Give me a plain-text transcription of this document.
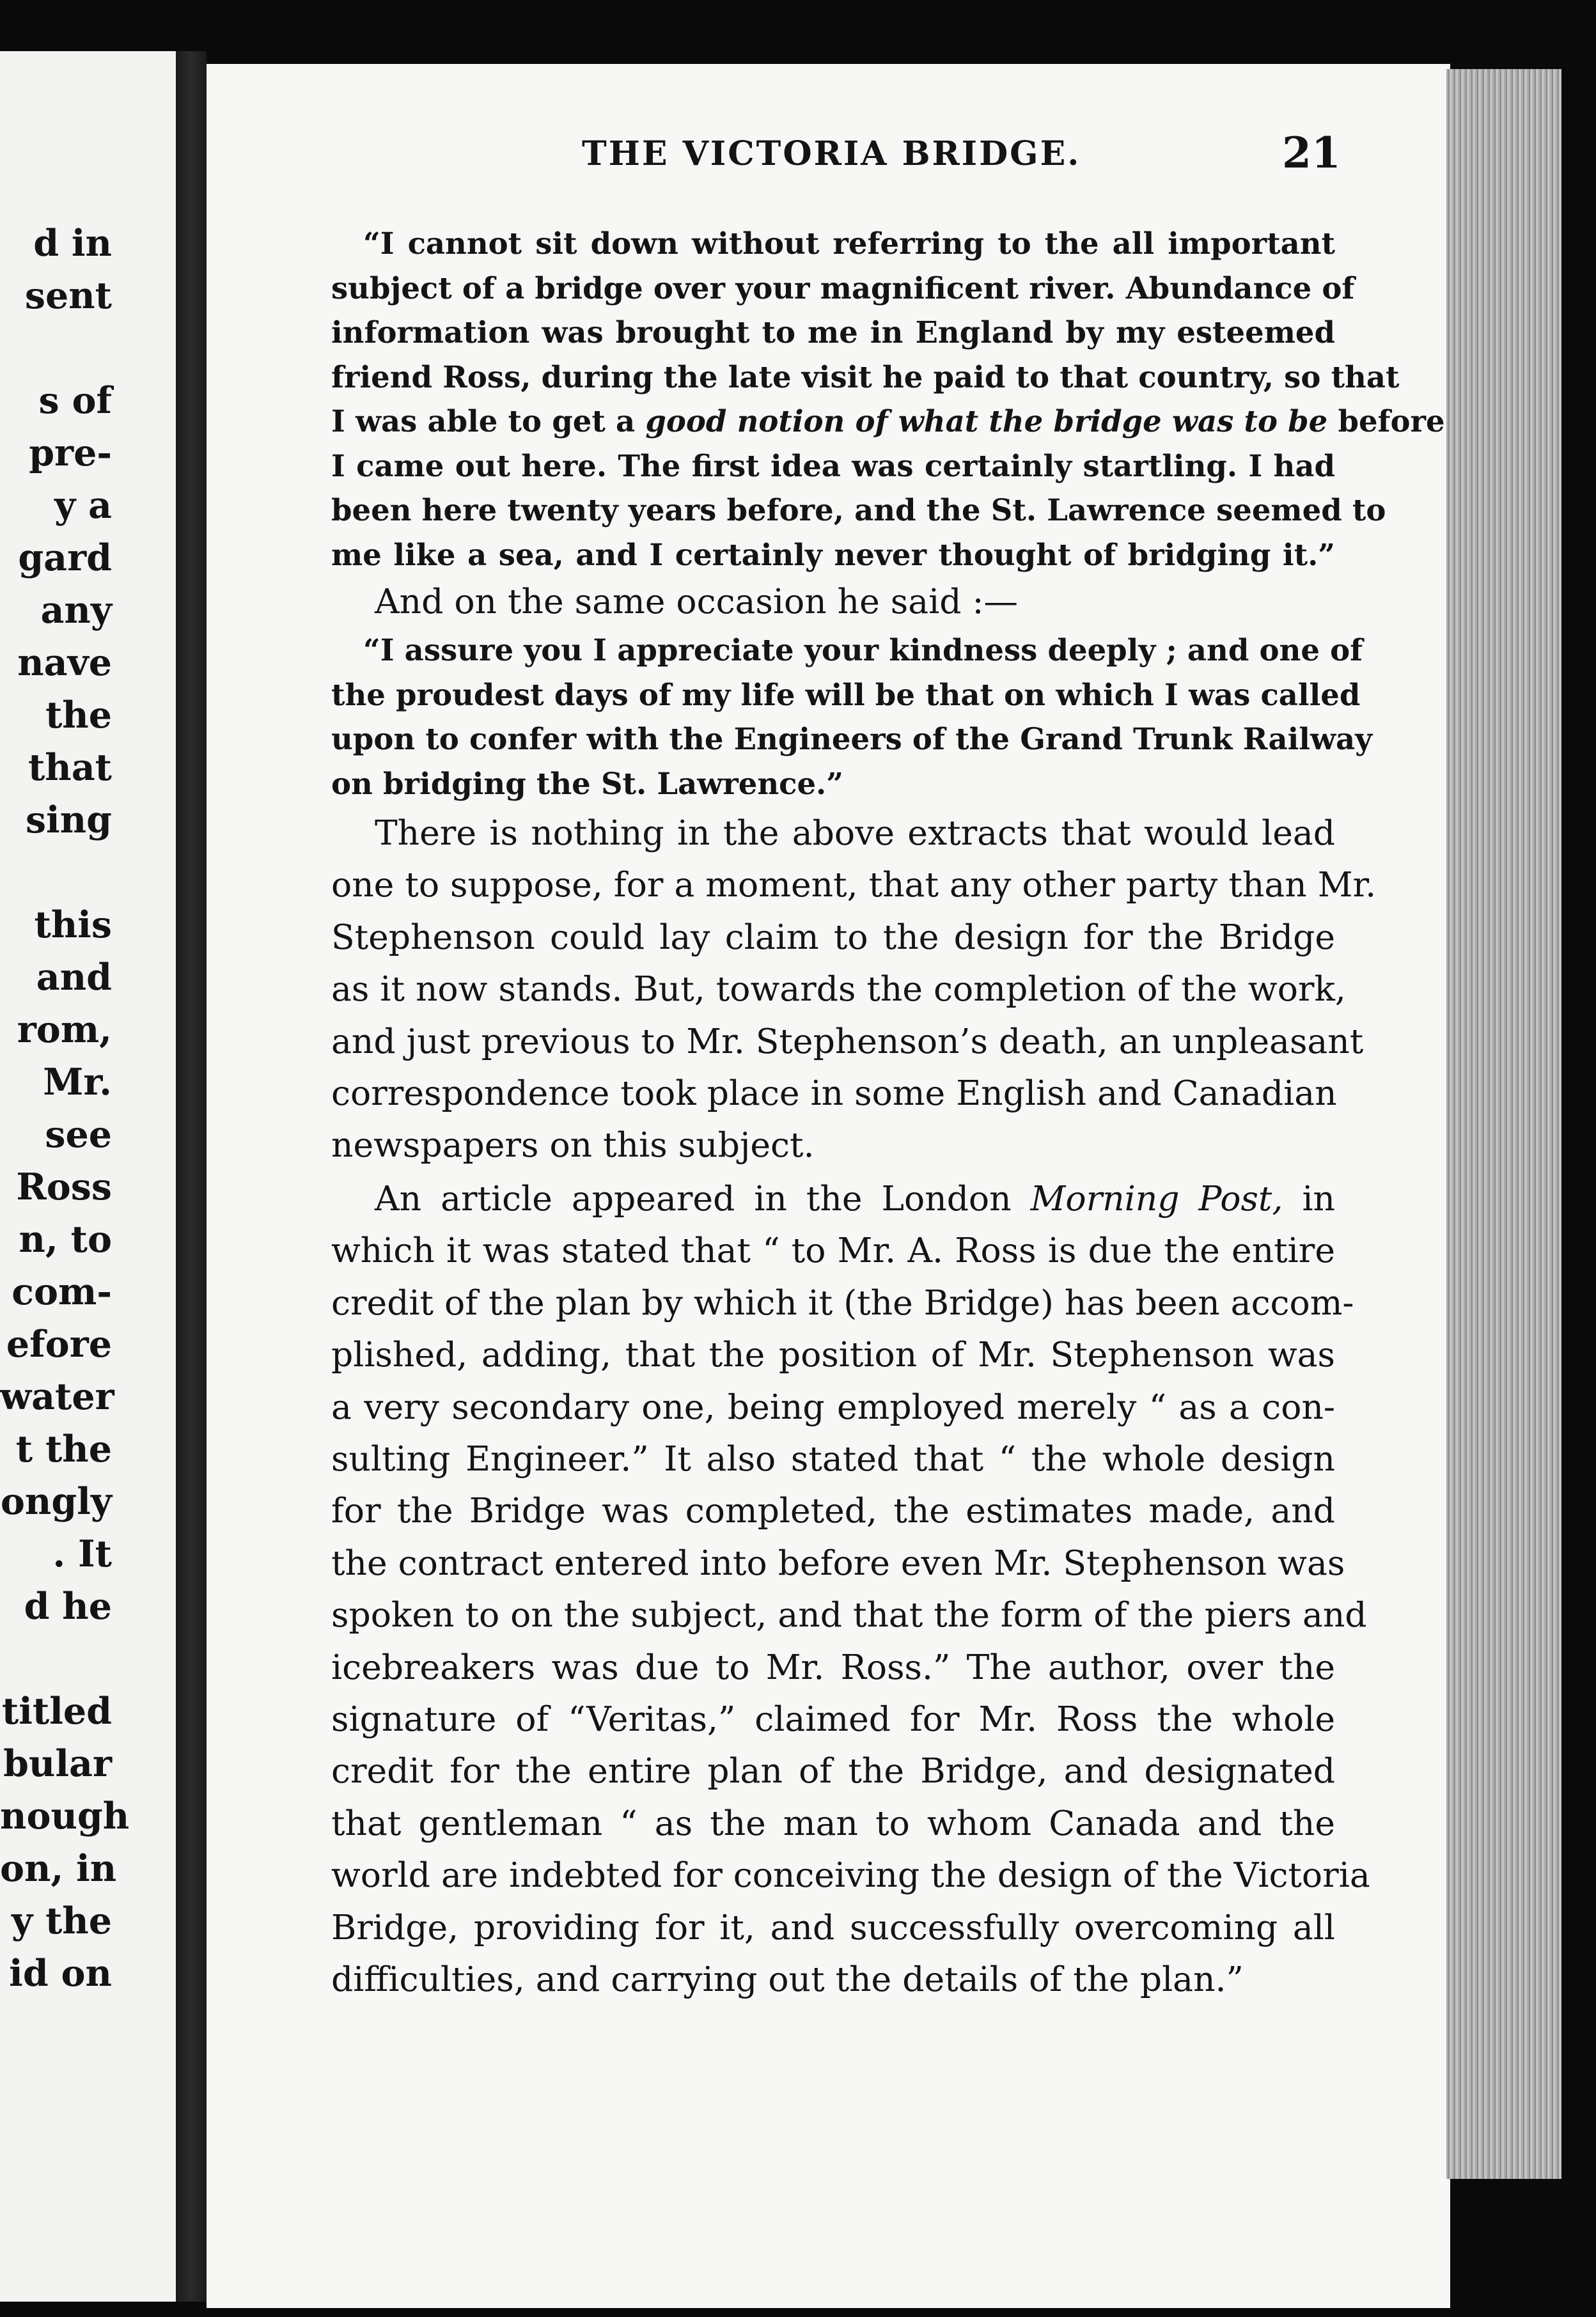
d in
sent
s of
pre-
y a
gard
any
nave
the
that
sing
this
and
rom,
Mr.
see
Ross
n, to
com-
efore
water
t the
ongly
. It
d he
titled
bular
nough
on, in
y the
id on
THE VICTORIA BRIDGE.	21
“I cannot sit down without referring to the all important
subject of a bridge over your magnificent river. Abundance of
information was brought to me in England by my esteemed
friend Ross, during the late visit he paid to that country, so that
I was able to get a good notion of what the bridge was to be before
I came out here. The first idea was certainly startling. I had
been here twenty years before, and the St. Lawrence seemed to
me like a sea, and I certainly never thought of bridging it.”
And on the same occasion he said :—
“I assure you I appreciate your kindness deeply ; and one of
the proudest days of my life will be that on which I was called
upon to confer with the Engineers of the Grand Trunk Railway
on bridging the St. Lawrence.”
There is nothing in the above extracts that would lead
one to suppose, for a moment, that any other party than Mr.
Stephenson could lay claim to the design for the Bridge
as it now stands. But, towards the completion of the work,
and just previous to Mr. Stephenson’s death, an unpleasant
correspondence took place in some English and Canadian
newspapers on this subject.
An article appeared in the London Morning Post, in
which it was stated that “ to Mr. A. Ross is due the entire
credit of the plan by which it (the Bridge) has been accom-
plished, adding, that the position of Mr. Stephenson was
a very secondary one, being employed merely “ as a con-
sulting Engineer.” It also stated that “ the whole design
for the Bridge was completed, the estimates made, and
the contract entered into before even Mr. Stephenson was
spoken to on the subject, and that the form of the piers and
icebreakers was due to Mr. Ross.” The author, over the
signature of “Veritas,” claimed for Mr. Ross the whole
credit for the entire plan of the Bridge, and designated
that gentleman “ as the man to whom Canada and the
world are indebted for conceiving the design of the Victoria
Bridge, providing for it, and successfully overcoming all
difficulties, and carrying out the details of the plan.”
